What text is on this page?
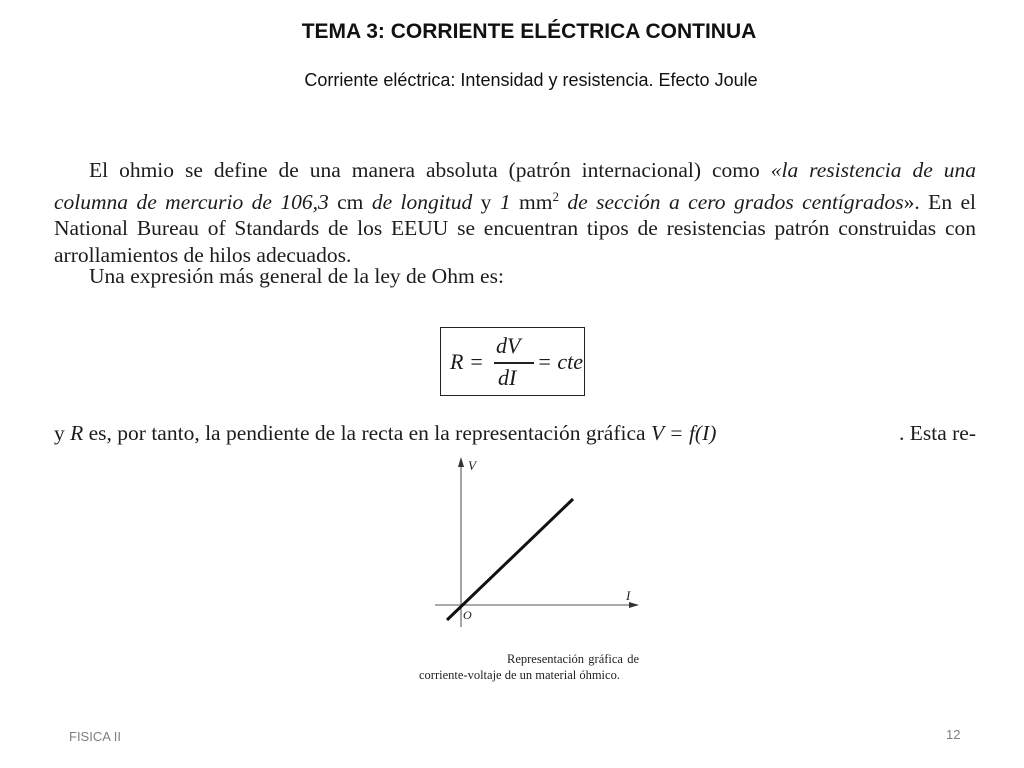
TEMA 3: CORRIENTE ELÉCTRICA CONTINUA
Corriente eléctrica: Intensidad y resistencia. Efecto Joule
El ohmio se define de una manera absoluta (patrón internacional) como «la resistencia de una columna de mercurio de 106,3 cm de longitud y 1 $mm^2$ de sección a cero grados centígrados». En el National Bureau of Standards de los EEUU se encuentran tipos de resistencias patrón construidas con arrollamientos de hilos adecuados.
Una expresión más general de la ley de Ohm es:
R =
dV
dI
= cte
y R es, por tanto, la pendiente de la recta en la representación gráfica V = f(I)	. Esta re-
V
I
O
Representación gráfica de corriente-voltaje de un material óhmico.
FISICA II	12
